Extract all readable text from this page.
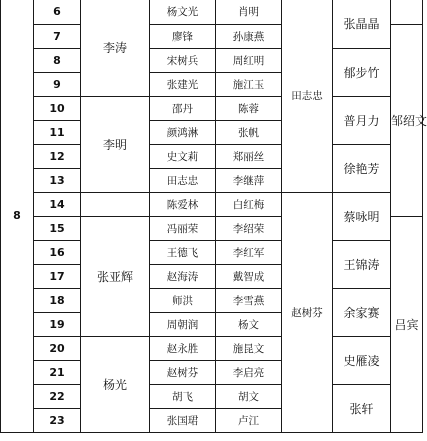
8	6	李涛	杨文光	肖明	田志忠	张晶晶	
	7		廖锋	孙康燕			邹绍文
	8		宋树兵	周红明		郁步竹	
	9		张建光	施江玉			
	10	李明	邵丹	陈蓉		普月力	
	11		颜鸿淋	张帆			
	12		史文莉	郑丽丝		徐艳芳	
	13		田志忠	李继萍			
	14		陈爱林	白红梅	赵树芬	蔡咏明	
	15	张亚辉	冯丽荣	李绍荣			吕宾
	16		王德飞	李红军		王锦涛	
	17		赵海涛	戴智成			
	18		师洪	李雪燕		余家赛	
	19		周朝润	杨文			
	20	杨光	赵永胜	施昆文		史雁凌	
	21		赵树芬	李启亮			
	22		胡飞	胡文		张轩	
	23		张国珺	卢江			
